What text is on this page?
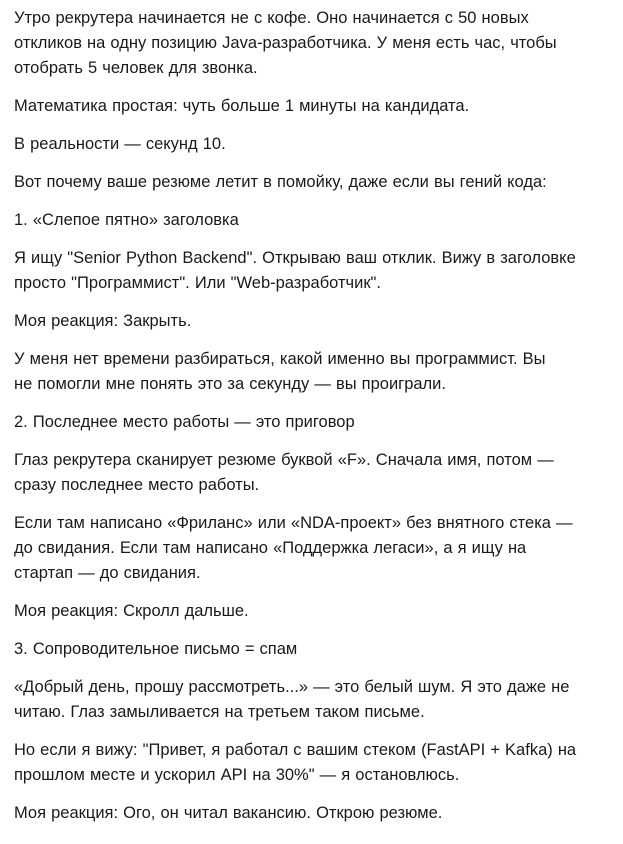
Утро рекрутера начинается не с кофе. Оно начинается с 50 новых
откликов на одну позицию Java-разработчика. У меня есть час, чтобы
отобрать 5 человек для звонка.

Математика простая: чуть больше 1 минуты на кандидата.

В реальности — секунд 10.

Вот почему ваше резюме летит в помойку, даже если вы гений кода:

1. «Слепое пятно» заголовка

Я ищу "Senior Python Backend". Открываю ваш отклик. Вижу в заголовке
просто "Программист". Или "Web-разработчик".

Моя реакция: Закрыть.

У меня нет времени разбираться, какой именно вы программист. Вы
не помогли мне понять это за секунду — вы проиграли.

2. Последнее место работы — это приговор

Глаз рекрутера сканирует резюме буквой «F». Сначала имя, потом —
сразу последнее место работы.

Если там написано «Фриланс» или «NDA-проект» без внятного стека —
до свидания. Если там написано «Поддержка легаси», а я ищу на
стартап — до свидания.

Моя реакция: Скролл дальше.

3. Сопроводительное письмо = спам

«Добрый день, прошу рассмотреть...» — это белый шум. Я это даже не
читаю. Глаз замыливается на третьем таком письме.

Но если я вижу: "Привет, я работал с вашим стеком (FastAPI + Kafka) на
прошлом месте и ускорил API на 30%" — я остановлюсь.

Моя реакция: Ого, он читал вакансию. Открою резюме.
